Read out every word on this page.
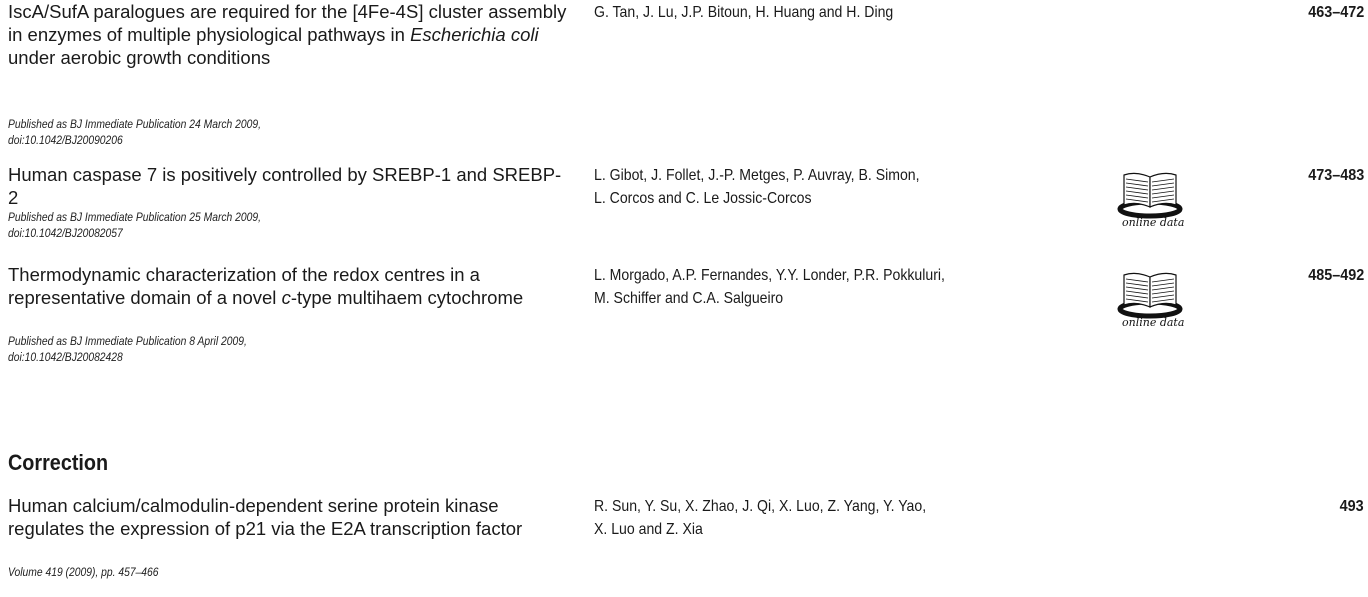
IscA/SufA paralogues are required for the [4Fe-4S] cluster assembly in enzymes of multiple physiological pathways in Escherichia coli under aerobic growth conditions
Published as BJ Immediate Publication 24 March 2009,
doi:10.1042/BJ20090206
G. Tan, J. Lu, J.P. Bitoun, H. Huang and H. Ding	463–472
Human caspase 7 is positively controlled by SREBP-1 and SREBP-2
Published as BJ Immediate Publication 25 March 2009,
doi:10.1042/BJ20082057
L. Gibot, J. Follet, J.-P. Metges, P. Auvray, B. Simon,
L. Corcos and C. Le Jossic-Corcos
online data
473–483
Thermodynamic characterization of the redox centres in a representative domain of a novel c-type multihaem cytochrome
Published as BJ Immediate Publication 8 April 2009,
doi:10.1042/BJ20082428
L. Morgado, A.P. Fernandes, Y.Y. Londer, P.R. Pokkuluri,
M. Schiffer and C.A. Salgueiro
online data
485–492
Correction
Human calcium/calmodulin-dependent serine protein kinase regulates the expression of p21 via the E2A transcription factor
Volume 419 (2009), pp. 457–466
R. Sun, Y. Su, X. Zhao, J. Qi, X. Luo, Z. Yang, Y. Yao,
X. Luo and Z. Xia
493
